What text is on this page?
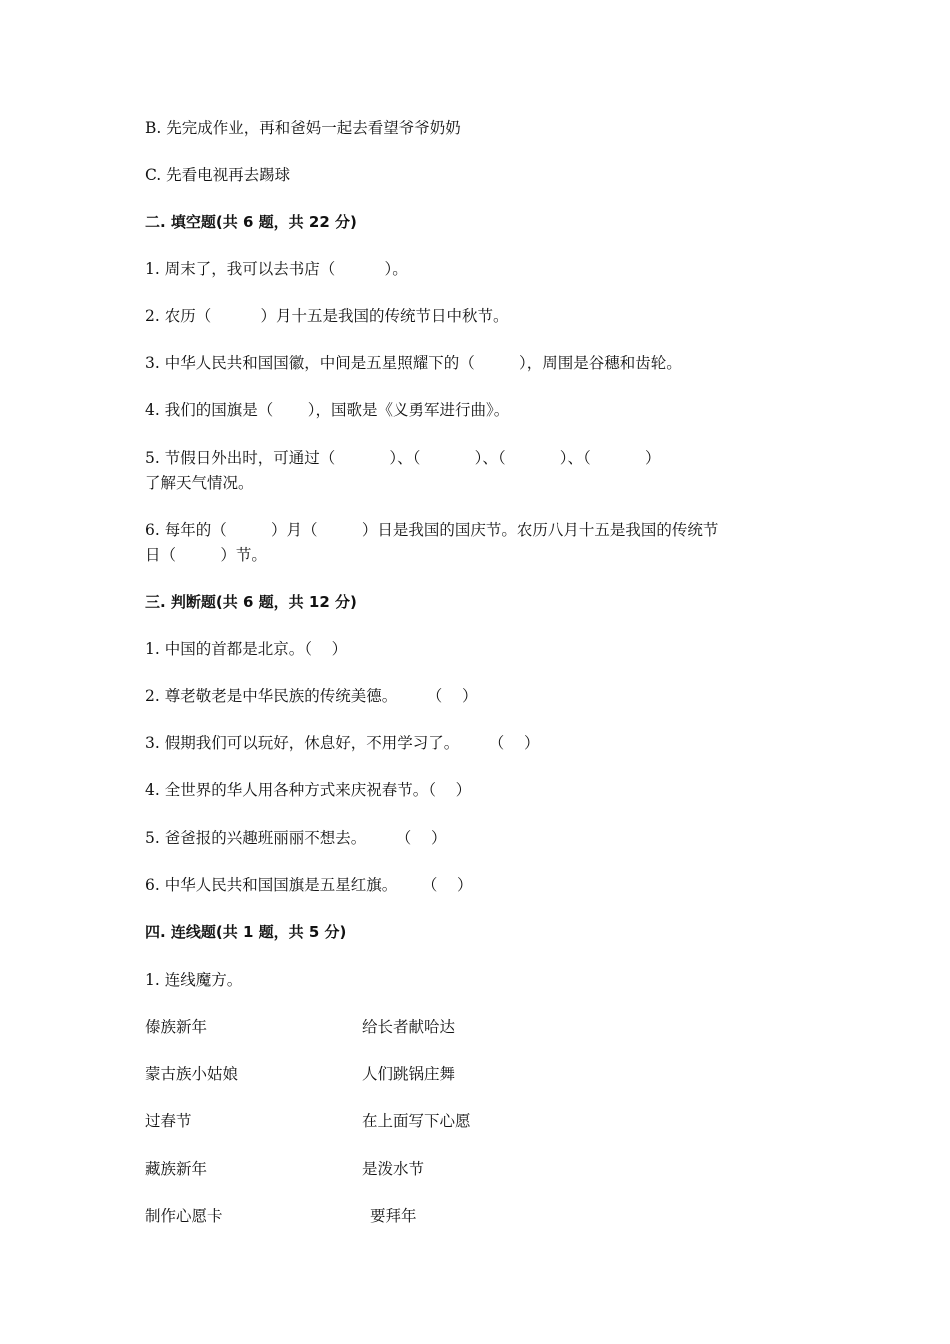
B. 先完成作业，再和爸妈一起去看望爷爷奶奶
C. 先看电视再去踢球
二. 填空题(共 6 题，共 22 分)
1. 周末了，我可以去书店（          ）。
2. 农历（          ）月十五是我国的传统节日中秋节。
3. 中华人民共和国国徽，中间是五星照耀下的（         ），周围是谷穗和齿轮。
4. 我们的国旗是（       ），国歌是《义勇军进行曲》。
5. 节假日外出时，可通过（           ）、（           ）、（           ）、（           ）
了解天气情况。
6. 每年的（         ）月（         ）日是我国的国庆节。农历八月十五是我国的传统节
日（         ）节。
三. 判断题(共 6 题，共 12 分)
1. 中国的首都是北京。（    ）
2. 尊老敬老是中华民族的传统美德。      （    ）
3. 假期我们可以玩好，休息好，不用学习了。      （    ）
4. 全世界的华人用各种方式来庆祝春节。（    ）
5. 爸爸报的兴趣班丽丽不想去。      （    ）
6. 中华人民共和国国旗是五星红旗。     （    ）
四. 连线题(共 1 题，共 5 分)
1. 连线魔方。
傣族新年	给长者献哈达
蒙古族小姑娘	人们跳锅庄舞
过春节	在上面写下心愿
藏族新年	是泼水节
制作心愿卡	要拜年
